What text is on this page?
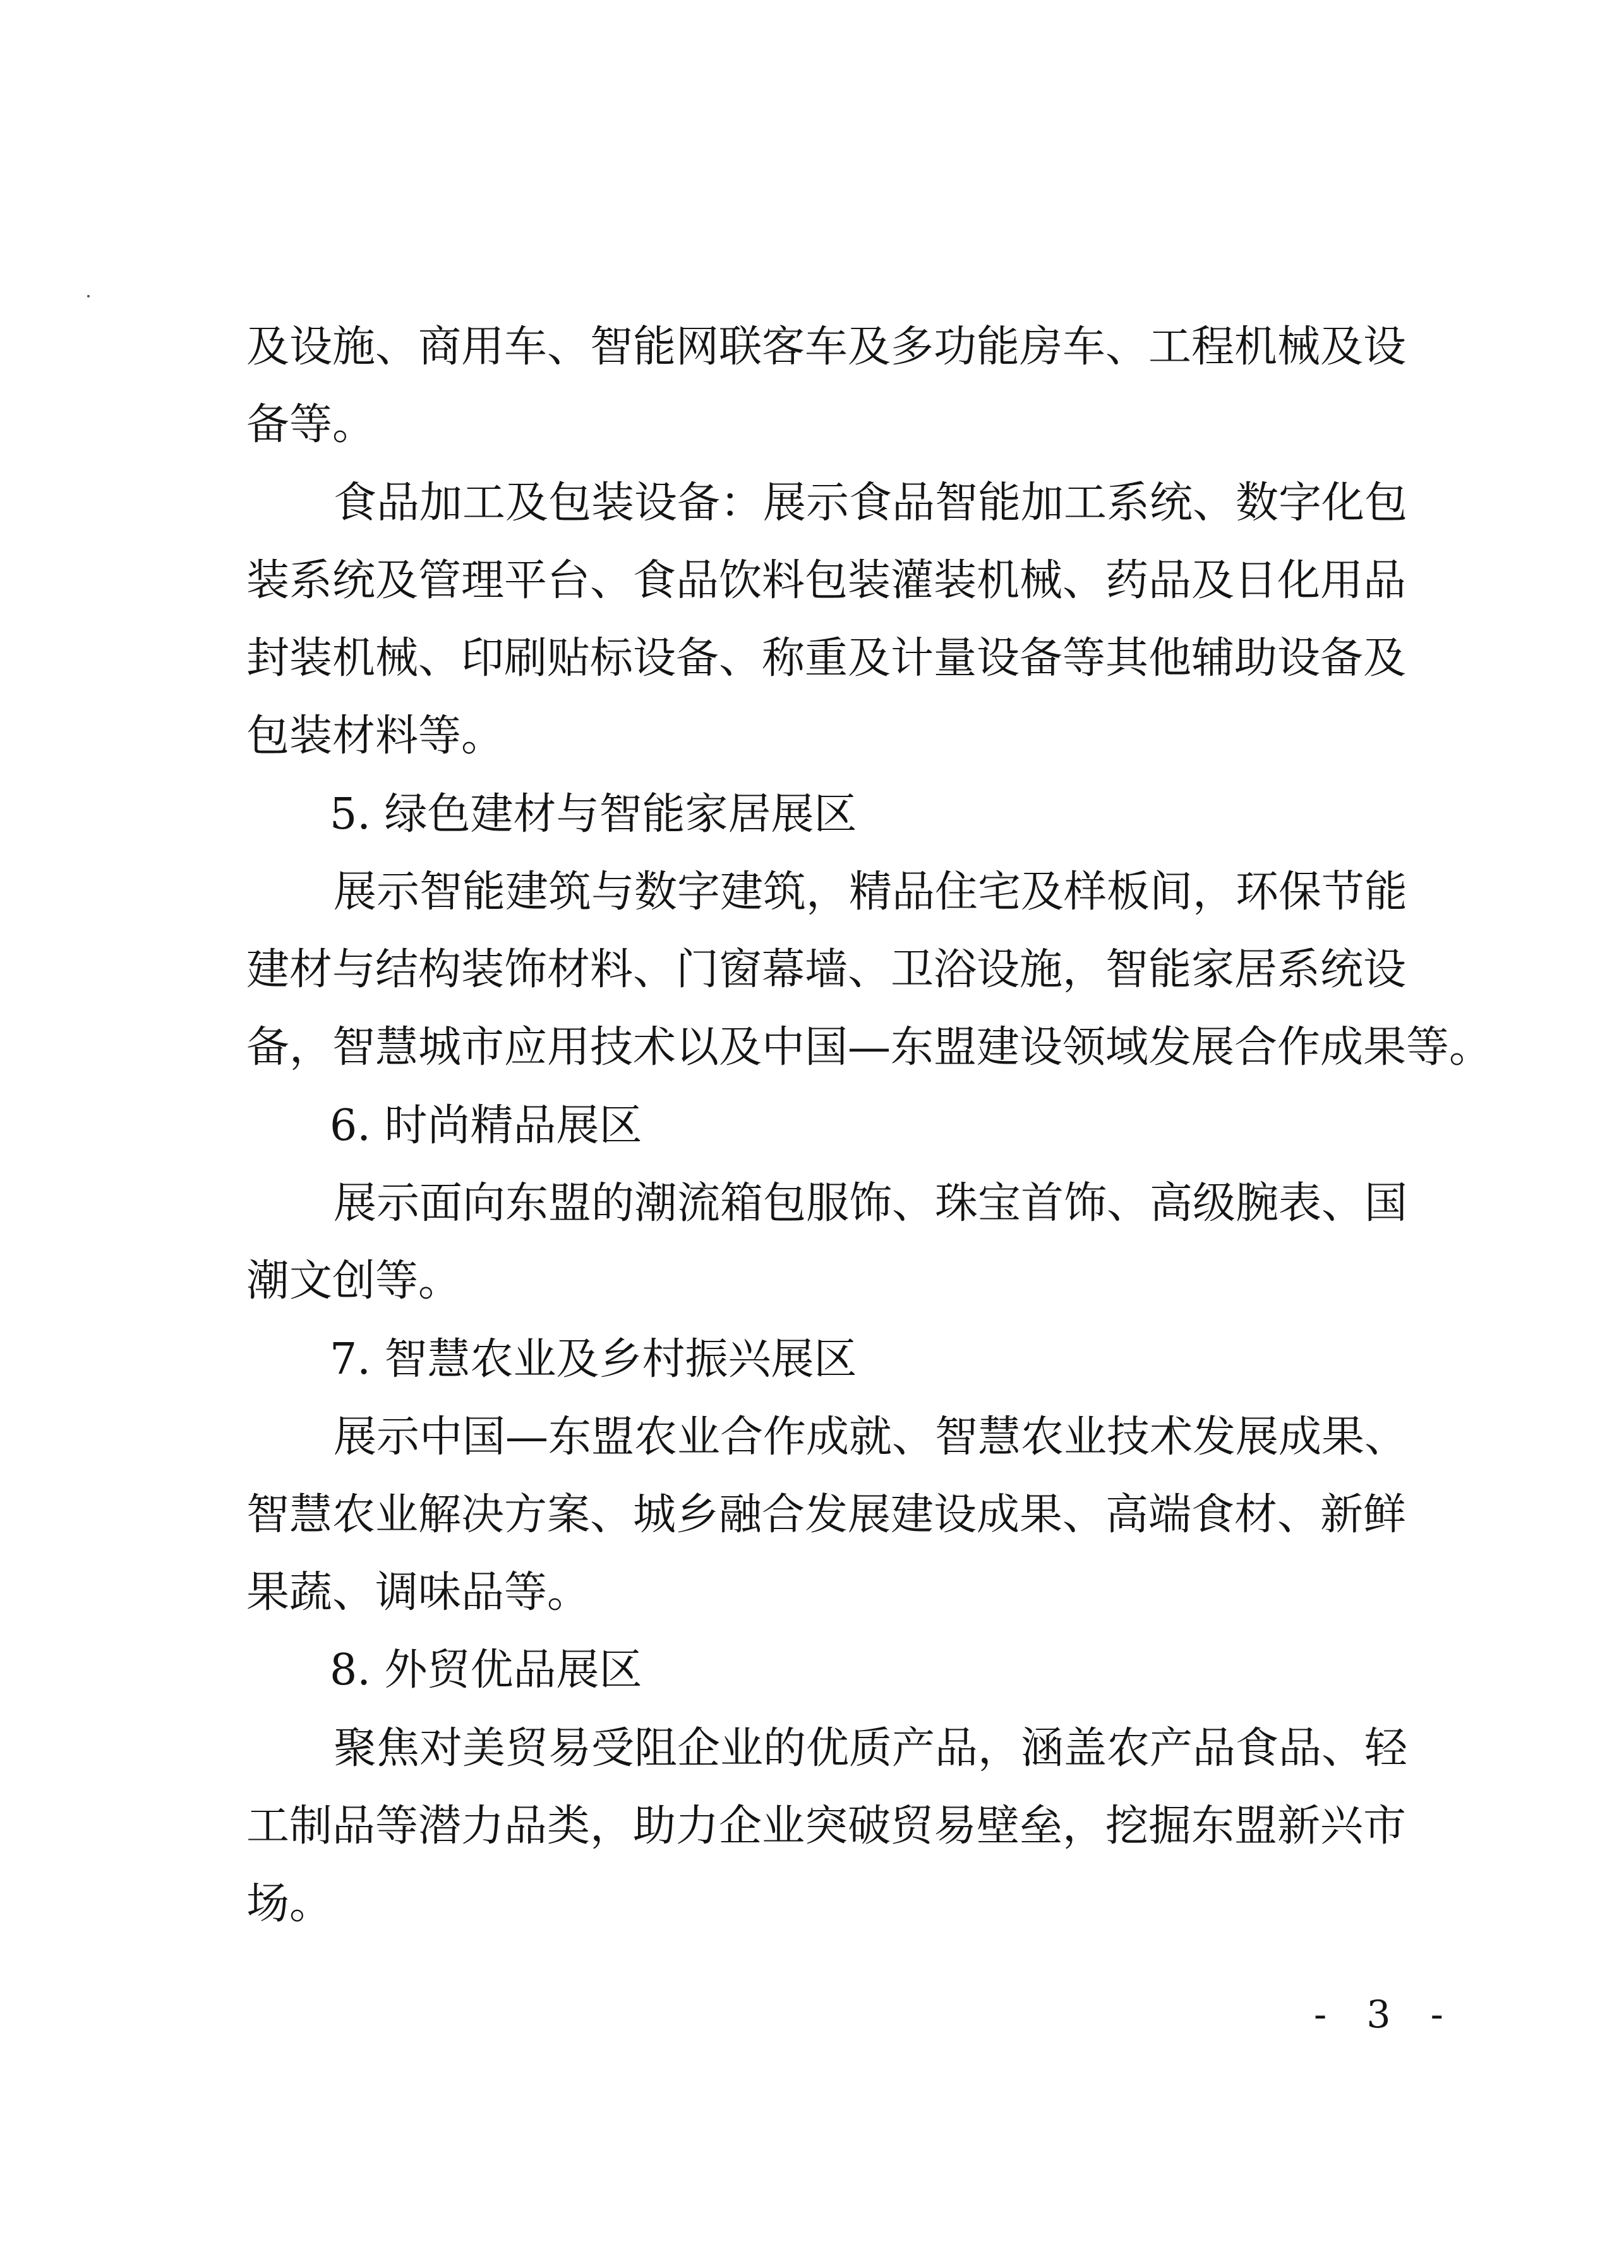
及设施、商用车、智能网联客车及多功能房车、工程机械及设
备等。
食品加工及包装设备：展示食品智能加工系统、数字化包
装系统及管理平台、食品饮料包装灌装机械、药品及日化用品
封装机械、印刷贴标设备、称重及计量设备等其他辅助设备及
包装材料等。
5. 绿色建材与智能家居展区
展示智能建筑与数字建筑，精品住宅及样板间，环保节能
建材与结构装饰材料、门窗幕墙、卫浴设施，智能家居系统设
备，智慧城市应用技术以及中国—东盟建设领域发展合作成果等。
6. 时尚精品展区
展示面向东盟的潮流箱包服饰、珠宝首饰、高级腕表、国
潮文创等。
7. 智慧农业及乡村振兴展区
展示中国—东盟农业合作成就、智慧农业技术发展成果、
智慧农业解决方案、城乡融合发展建设成果、高端食材、新鲜
果蔬、调味品等。
8. 外贸优品展区
聚焦对美贸易受阻企业的优质产品，涵盖农产品食品、轻
工制品等潜力品类，助力企业突破贸易壁垒，挖掘东盟新兴市
场。
- 3 -
